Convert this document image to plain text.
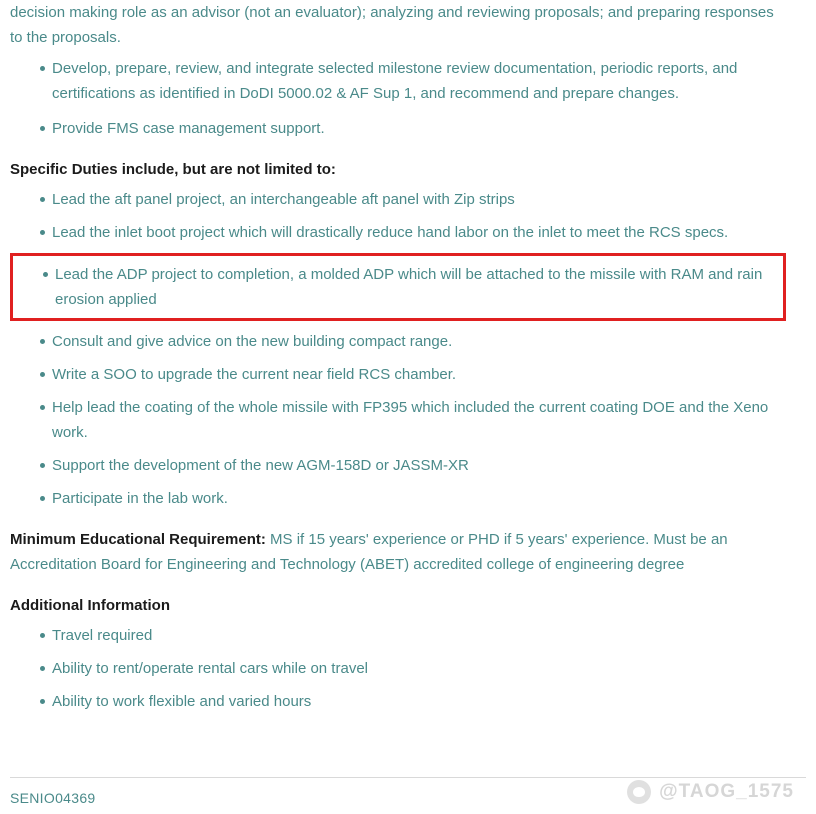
decision making role as an advisor (not an evaluator); analyzing and reviewing proposals; and preparing responses to the proposals.

Develop, prepare, review, and integrate selected milestone review documentation, periodic reports, and certifications as identified in DoDI 5000.02 & AF Sup 1, and recommend and prepare changes.
Provide FMS case management support.
Specific Duties include, but are not limited to:
Lead the aft panel project, an interchangeable aft panel with Zip strips
Lead the inlet boot project which will drastically reduce hand labor on the inlet to meet the RCS specs.
Lead the ADP project to completion, a molded ADP which will be attached to the missile with RAM and rain erosion applied
Consult and give advice on the new building compact range.
Write a SOO to upgrade the current near field RCS chamber.
Help lead the coating of the whole missile with FP395 which included the current coating DOE and the Xeno work.
Support the development of the new AGM-158D or JASSM-XR
Participate in the lab work.

Minimum Educational Requirement: MS if 15 years' experience or PHD if 5 years' experience. Must be an Accreditation Board for Engineering and Technology (ABET) accredited college of engineering degree

Additional Information
Travel required
Ability to rent/operate rental cars while on travel
Ability to work flexible and varied hours
SENIO04369	@TAOG_1575
